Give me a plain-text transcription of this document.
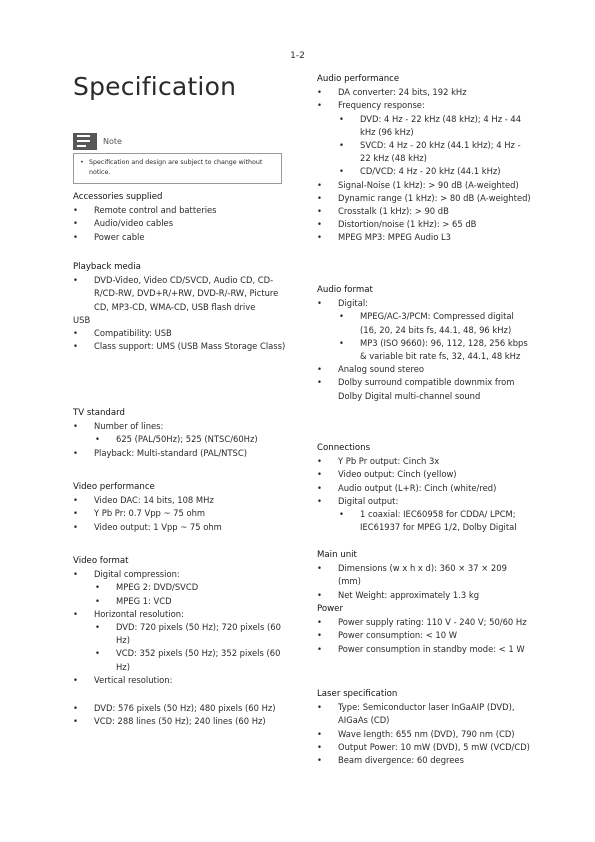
1-2
Specification
Note
• Specification and design are subject to change without notice.
Accessories supplied
• Remote control and batteries
• Audio/video cables
• Power cable
Playback media
• DVD-Video, Video CD/SVCD, Audio CD, CD-R/CD-RW, DVD+R/+RW, DVD-R/-RW, Picture CD, MP3-CD, WMA-CD, USB flash drive
USB
• Compatibility: USB
• Class support: UMS (USB Mass Storage Class)
TV standard
• Number of lines:
• 625 (PAL/50Hz); 525 (NTSC/60Hz)
• Playback: Multi-standard (PAL/NTSC)
Video performance
• Video DAC: 14 bits, 108 MHz
• Y Pb Pr: 0.7 Vpp ~ 75 ohm
• Video output: 1 Vpp ~ 75 ohm
Video format
• Digital compression:
• MPEG 2: DVD/SVCD
• MPEG 1: VCD
• Horizontal resolution:
• DVD: 720 pixels (50 Hz); 720 pixels (60 Hz)
• VCD: 352 pixels (50 Hz); 352 pixels (60 Hz)
• Vertical resolution:
• DVD: 576 pixels (50 Hz); 480 pixels (60 Hz)
• VCD: 288 lines (50 Hz); 240 lines (60 Hz)
Audio performance
• DA converter: 24 bits, 192 kHz
• Frequency response:
• DVD: 4 Hz - 22 kHz (48 kHz); 4 Hz - 44 kHz (96 kHz)
• SVCD: 4 Hz - 20 kHz (44.1 kHz); 4 Hz - 22 kHz (48 kHz)
• CD/VCD: 4 Hz - 20 kHz (44.1 kHz)
• Signal-Noise (1 kHz): > 90 dB (A-weighted)
• Dynamic range (1 kHz): > 80 dB (A-weighted)
• Crosstalk (1 kHz): > 90 dB
• Distortion/noise (1 kHz): > 65 dB
• MPEG MP3: MPEG Audio L3
Audio format
• Digital:
• MPEG/AC-3/PCM: Compressed digital (16, 20, 24 bits fs, 44.1, 48, 96 kHz)
• MP3 (ISO 9660): 96, 112, 128, 256 kbps & variable bit rate fs, 32, 44.1, 48 kHz
• Analog sound stereo
• Dolby surround compatible downmix from Dolby Digital multi-channel sound
Connections
• Y Pb Pr output: Cinch 3x
• Video output: Cinch (yellow)
• Audio output (L+R): Cinch (white/red)
• Digital output:
• 1 coaxial: IEC60958 for CDDA/ LPCM; IEC61937 for MPEG 1/2, Dolby Digital
Main unit
• Dimensions (w x h x d): 360 × 37 × 209 (mm)
• Net Weight: approximately 1.3 kg
Power
• Power supply rating: 110 V - 240 V; 50/60 Hz
• Power consumption: < 10 W
• Power consumption in standby mode: < 1 W
Laser specification
• Type: Semiconductor laser InGaAIP (DVD), AIGaAs (CD)
• Wave length: 655 nm (DVD), 790 nm (CD)
• Output Power: 10 mW (DVD), 5 mW (VCD/CD)
• Beam divergence: 60 degrees
